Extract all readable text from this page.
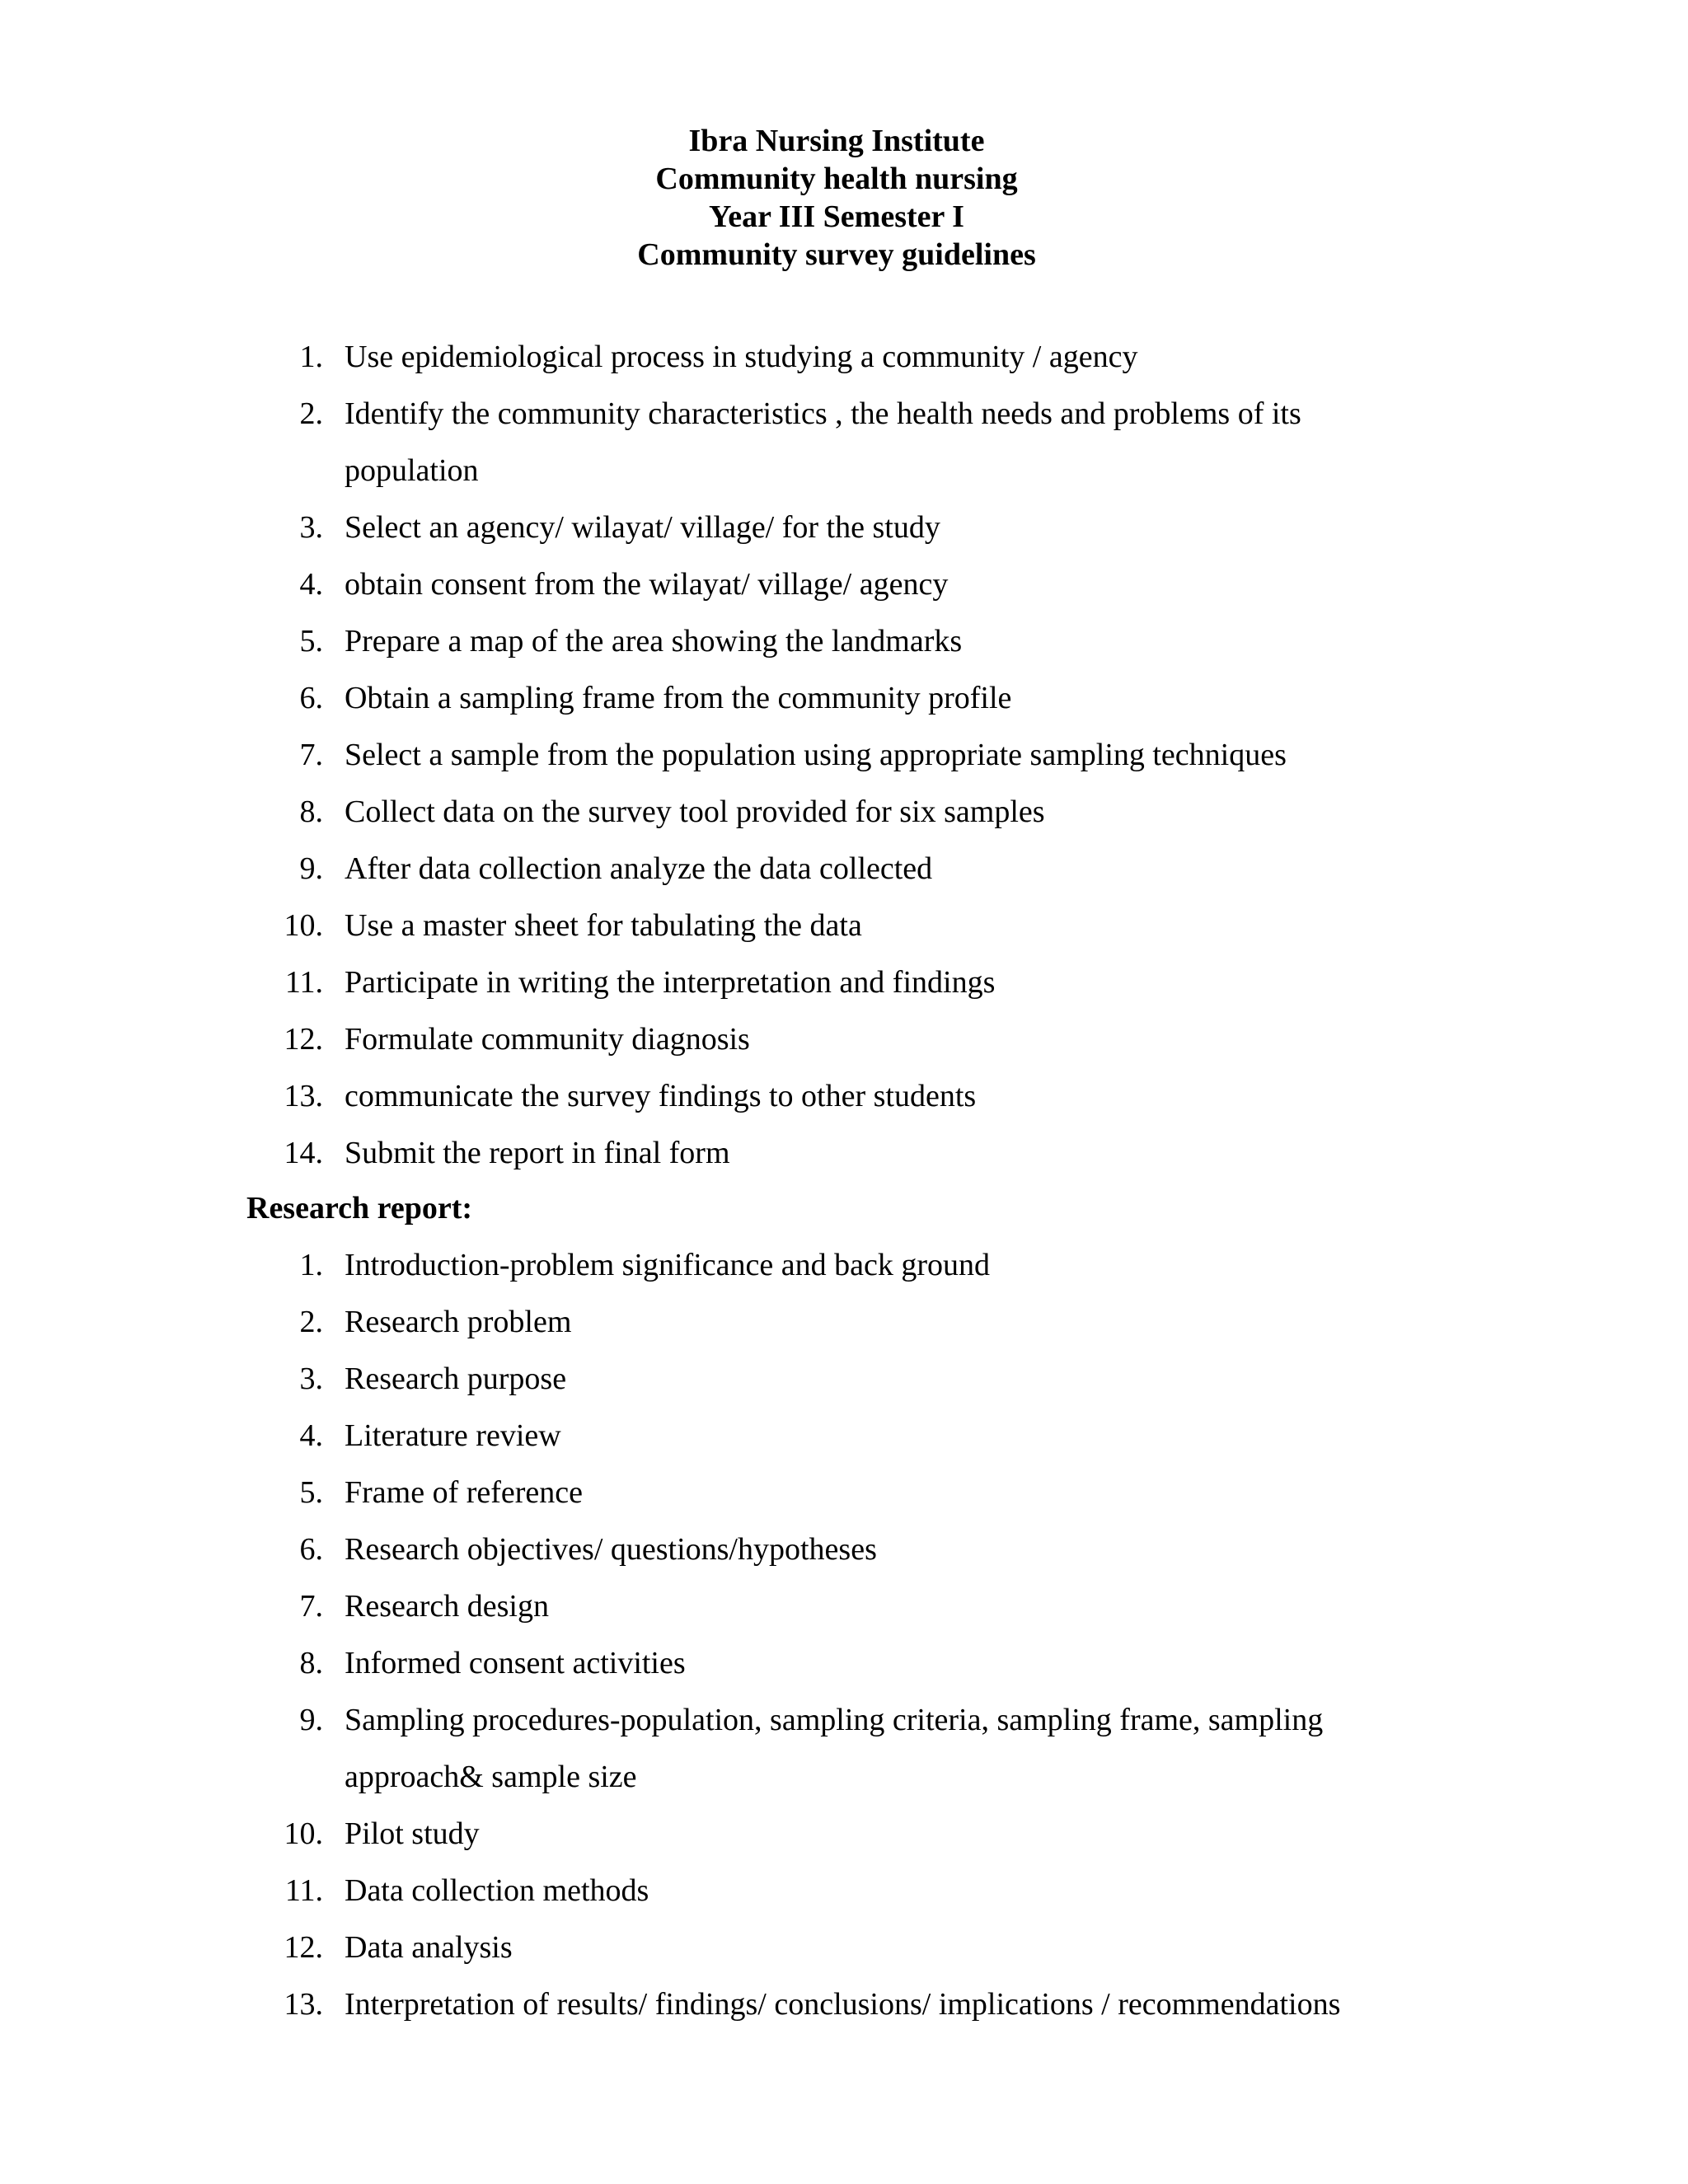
Ibra Nursing Institute
Community health nursing
Year III Semester I
Community survey guidelines
1. Use epidemiological process in studying a community / agency
2. Identify the community characteristics , the health needs and problems of its population
3. Select an agency/ wilayat/ village/ for the study
4. obtain consent from the wilayat/ village/ agency
5. Prepare a map of the area showing the landmarks
6. Obtain a sampling frame from the community profile
7. Select a sample from the population using appropriate sampling techniques
8. Collect data on the survey tool provided for six samples
9. After data collection analyze the data collected
10. Use a master sheet for tabulating the data
11. Participate in writing the interpretation and findings
12. Formulate community diagnosis
13. communicate the survey findings to other students
14. Submit the report in final form
Research report:
1. Introduction-problem significance and back ground
2. Research problem
3. Research purpose
4. Literature review
5. Frame of reference
6. Research objectives/ questions/hypotheses
7. Research design
8. Informed consent activities
9. Sampling procedures-population, sampling criteria, sampling frame, sampling approach& sample size
10. Pilot study
11. Data collection methods
12. Data analysis
13. Interpretation of results/ findings/ conclusions/ implications / recommendations
